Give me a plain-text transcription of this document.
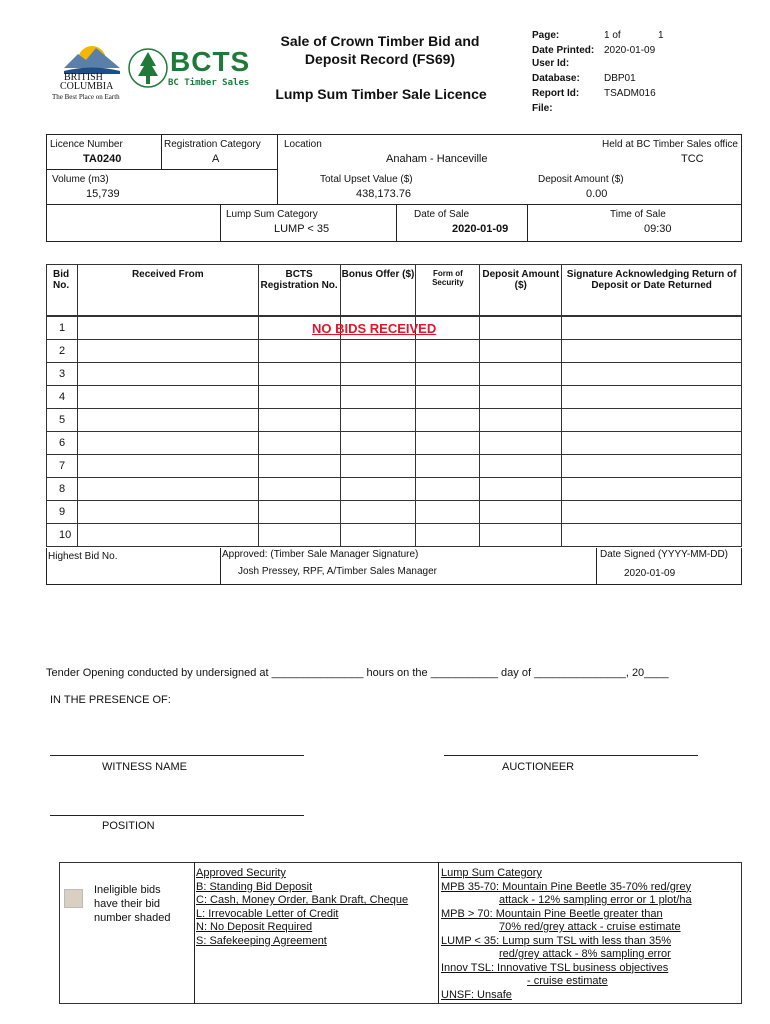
BRITISH
COLUMBIA
The Best Place on Earth
BCTS
BC Timber Sales
Sale of Crown Timber Bid and
Deposit Record (FS69)
Lump Sum Timber Sale Licence
Page:	1 of	1
Date Printed: 2020-01-09
User Id:
Database: DBP01
Report Id: TSADM016
File:
Licence Number
TA0240
Registration Category
A
Location
Anaham - Hanceville
Held at BC Timber Sales office
TCC
Volume (m3)
15,739
Total Upset Value ($)
438,173.76
Deposit Amount ($)
0.00
Lump Sum Category
LUMP < 35
Date of Sale
2020-01-09
Time of Sale
09:30
Bid No.	Received From	BCTS Registration No.	Bonus Offer ($)	Form of Security	Deposit Amount ($)	Signature Acknowledging Return of Deposit or Date Returned
1						
2						
3						
4						
5						
6						
7						
8						
9						
10						
NO BIDS RECEIVED
Highest Bid No.	Approved: (Timber Sale Manager Signature)
Josh Pressey, RPF, A/Timber Sales Manager
Date Signed (YYYY-MM-DD)
2020-01-09
Tender Opening conducted by undersigned at _______________ hours on the ___________ day of _______________, 20____
IN THE PRESENCE OF:
WITNESS NAME	AUCTIONEER
POSITION
Ineligible bids
have their bid
number shaded
Approved Security
B: Standing Bid Deposit
C: Cash, Money Order, Bank Draft, Cheque
L: Irrevocable Letter of Credit
N: No Deposit Required
S: Safekeeping Agreement
Lump Sum Category
MPB 35-70: Mountain Pine Beetle 35-70% red/grey
attack - 12% sampling error or 1 plot/ha
MPB > 70: Mountain Pine Beetle greater than
70% red/grey attack - cruise estimate
LUMP < 35: Lump sum TSL with less than 35%
red/grey attack - 8% sampling error
Innov TSL: Innovative TSL business objectives
- cruise estimate
UNSF: Unsafe
